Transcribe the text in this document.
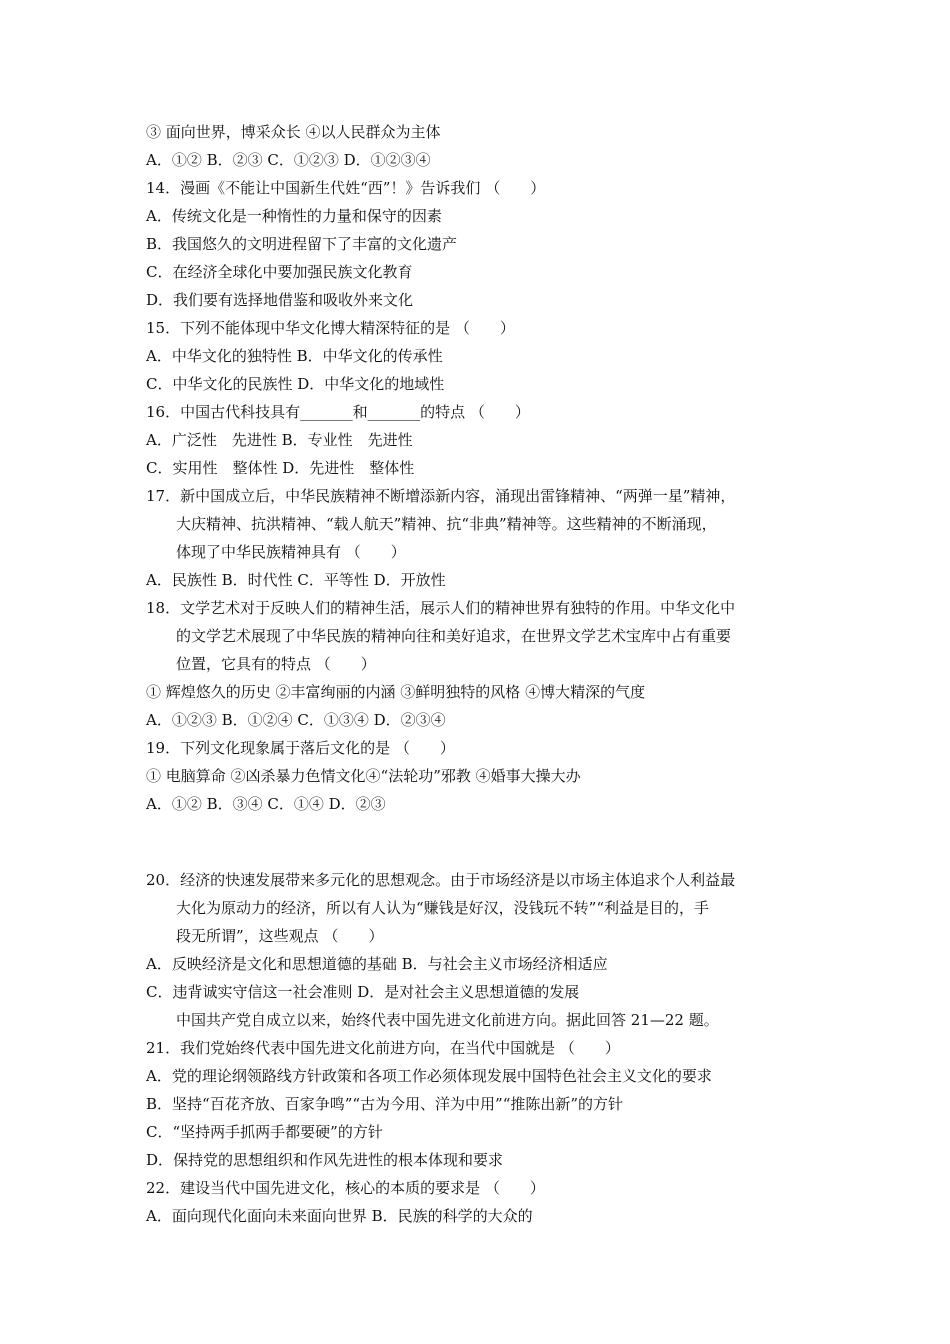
③ 面向世界，博采众长 ④以人民群众为主体
A．①② B．②③ C．①②③ D．①②③④
14．漫画《不能让中国新生代姓“西”！》告诉我们 （　　）
A．传统文化是一种惰性的力量和保守的因素
B．我国悠久的文明进程留下了丰富的文化遗产
C．在经济全球化中要加强民族文化教育
D．我们要有选择地借鉴和吸收外来文化
15．下列不能体现中华文化博大精深特征的是 （　　）
A．中华文化的独特性 B．中华文化的传承性
C．中华文化的民族性 D．中华文化的地域性
16．中国古代科技具有_______和_______的特点 （　　）
A．广泛性　先进性 B．专业性　先进性
C．实用性　整体性 D．先进性　整体性
17．新中国成立后，中华民族精神不断增添新内容，涌现出雷锋精神、“两弹一星”精神，
大庆精神、抗洪精神、“载人航天”精神、抗“非典”精神等。这些精神的不断涌现，
体现了中华民族精神具有 （　　）
A．民族性 B．时代性 C．平等性 D．开放性
18．文学艺术对于反映人们的精神生活，展示人们的精神世界有独特的作用。中华文化中
的文学艺术展现了中华民族的精神向往和美好追求，在世界文学艺术宝库中占有重要
位置，它具有的特点 （　　）
① 辉煌悠久的历史 ②丰富绚丽的内涵 ③鲜明独特的风格 ④博大精深的气度
A．①②③ B．①②④ C．①③④ D．②③④
19．下列文化现象属于落后文化的是 （　　）
① 电脑算命 ②凶杀暴力色情文化④“法轮功”邪教 ④婚事大操大办
A．①② B．③④ C．①④ D．②③
20．经济的快速发展带来多元化的思想观念。由于市场经济是以市场主体追求个人利益最
大化为原动力的经济，所以有人认为“赚钱是好汉，没钱玩不转”“利益是目的，手
段无所谓”，这些观点 （　　）
A．反映经济是文化和思想道德的基础 B．与社会主义市场经济相适应
C．违背诚实守信这一社会准则 D．是对社会主义思想道德的发展
中国共产党自成立以来，始终代表中国先进文化前进方向。据此回答 21—22 题。
21．我们党始终代表中国先进文化前进方向，在当代中国就是 （　　）
A．党的理论纲领路线方针政策和各项工作必须体现发展中国特色社会主义文化的要求
B．坚持“百花齐放、百家争鸣”“古为今用、洋为中用”“推陈出新”的方针
C．“坚持两手抓两手都要硬”的方针
D．保持党的思想组织和作风先进性的根本体现和要求
22．建设当代中国先进文化，核心的本质的要求是 （　　）
A．面向现代化面向未来面向世界 B．民族的科学的大众的
